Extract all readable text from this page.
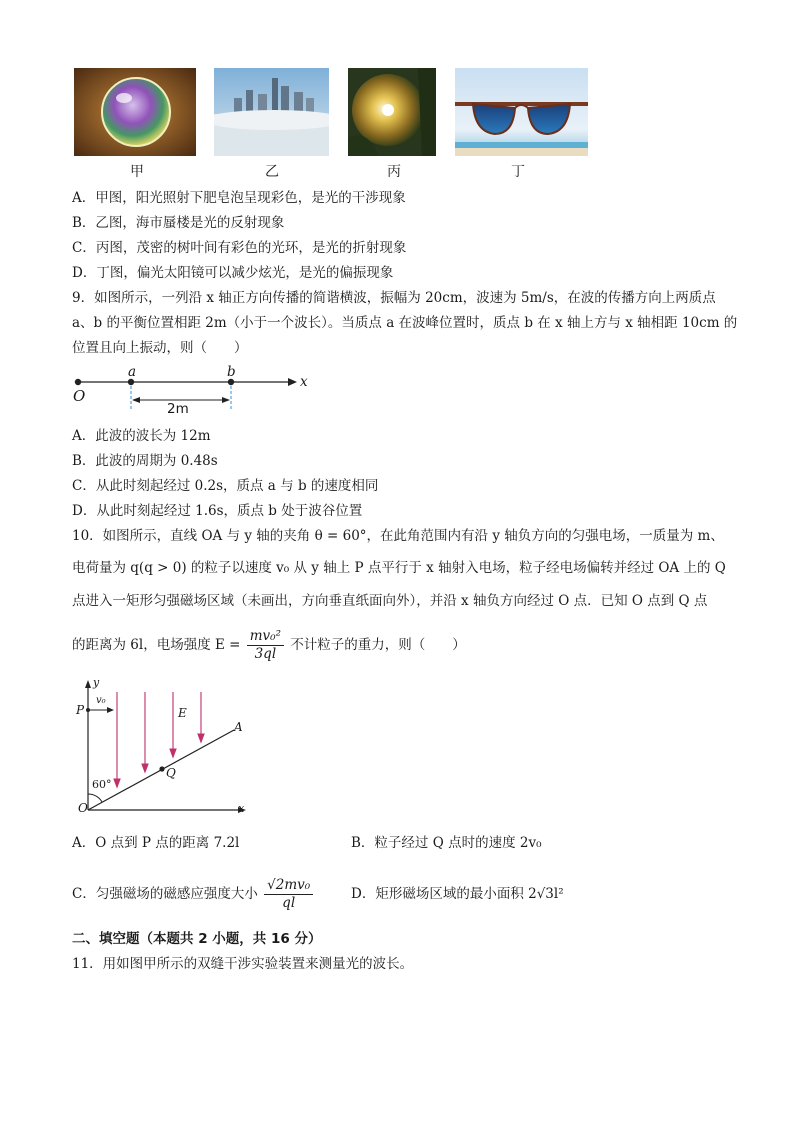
甲	乙	丙	丁
A．甲图，阳光照射下肥皂泡呈现彩色，是光的干涉现象
B．乙图，海市蜃楼是光的反射现象
C．丙图，茂密的树叶间有彩色的光环，是光的折射现象
D．丁图，偏光太阳镜可以减少炫光，是光的偏振现象
9．如图所示，一列沿 x 轴正方向传播的简谐横波，振幅为 20cm，波速为 5m/s，在波的传播方向上两质点
a、b 的平衡位置相距 2m（小于一个波长）。当质点 a 在波峰位置时，质点 b 在 x 轴上方与 x 轴相距 10cm 的
位置且向上振动，则（　　）
a	b
x
O
2m
A．此波的波长为 12m
B．此波的周期为 0.48s
C．从此时刻起经过 0.2s，质点 a 与 b 的速度相同
D．从此时刻起经过 1.6s，质点 b 处于波谷位置
10．如图所示，直线 OA 与 y 轴的夹角 θ = 60°，在此角范围内有沿 y 轴负方向的匀强电场，一质量为 m、
电荷量为 q(q > 0) 的粒子以速度 v₀ 从 y 轴上 P 点平行于 x 轴射入电场，粒子经电场偏转并经过 OA 上的 Q
点进入一矩形匀强磁场区域（未画出，方向垂直纸面向外），并沿 x 轴负方向经过 O 点．已知 O 点到 Q 点
的距离为 6l，电场强度 $E = \frac{\text{mv₀²}}{3ql}$ 不计粒子的重力，则（　　）
y
v₀
P	E
A
Q
60°
O	x
A．O 点到 P 点的距离 7.2l	B．粒子经过 Q 点时的速度 2v₀
C．匀强磁场的磁感应强度大小 $\frac{\text{√2mv₀}}{ql}$	D．矩形磁场区域的最小面积 2√3l²
二、填空题（本题共 2 小题，共 16 分）
11．用如图甲所示的双缝干涉实验装置来测量光的波长。
